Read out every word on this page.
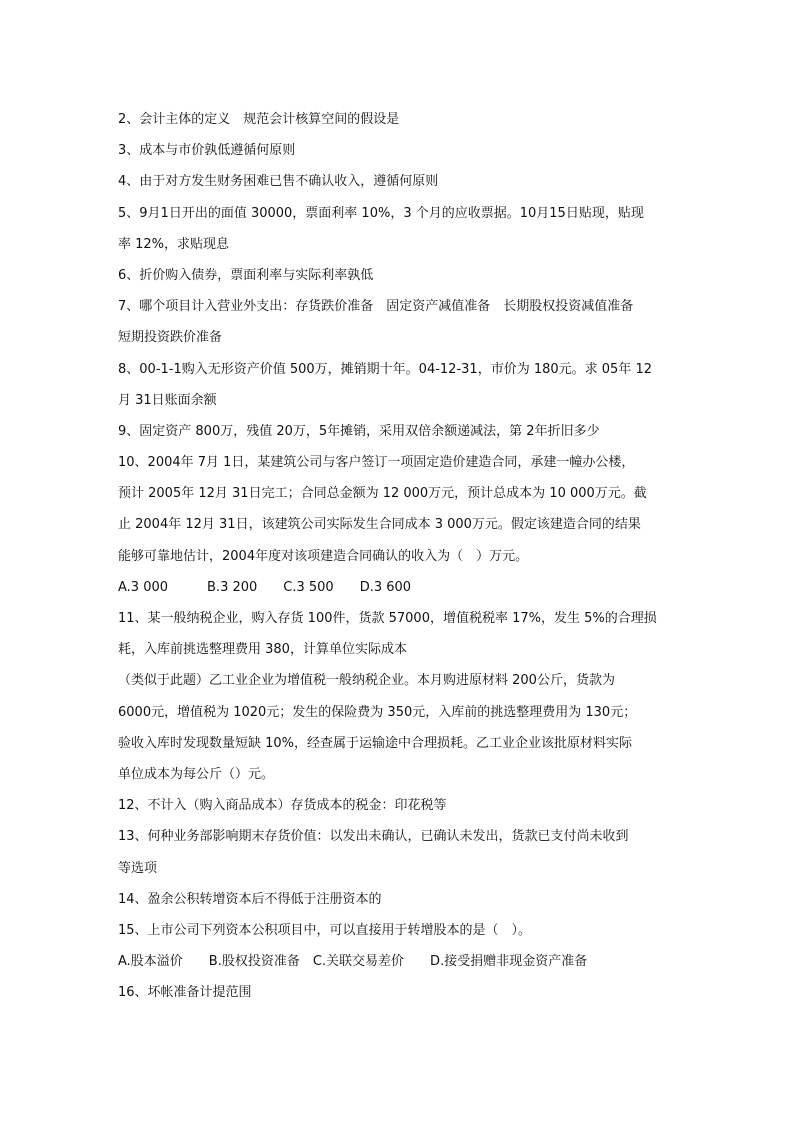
2、会计主体的定义　规范会计核算空间的假设是
3、成本与市价孰低遵循何原则
4、由于对方发生财务困难已售不确认收入，遵循何原则
5、9月1日开出的面值 30000，票面利率 10%，3 个月的应收票据。10月15日贴现，贴现
率 12%，求贴现息
6、折价购入债券，票面利率与实际利率孰低
7、哪个项目计入营业外支出：存货跌价准备　固定资产减值准备　长期股权投资减值准备
短期投资跌价准备
8、00-1-1购入无形资产价值 500万，摊销期十年。04-12-31，市价为 180元。求 05年 12
月 31日账面余额
9、固定资产 800万，残值 20万，5年摊销，采用双倍余额递减法，第 2年折旧多少
10、2004年 7月 1日，某建筑公司与客户签订一项固定造价建造合同，承建一幢办公楼，
预计 2005年 12月 31日完工；合同总金额为 12 000万元，预计总成本为 10 000万元。截
止 2004年 12月 31日，该建筑公司实际发生合同成本 3 000万元。假定该建造合同的结果
能够可靠地估计，2004年度对该项建造合同确认的收入为（　）万元。
A.3 000　　　B.3 200　　C.3 500　　D.3 600
11、某一般纳税企业，购入存货 100件，货款 57000，增值税税率 17%，发生 5%的合理损
耗，入库前挑选整理费用 380，计算单位实际成本
（类似于此题）乙工业企业为增值税一般纳税企业。本月购进原材料 200公斤，货款为
6000元，增值税为 1020元；发生的保险费为 350元，入库前的挑选整理费用为 130元；
验收入库时发现数量短缺 10%，经查属于运输途中合理损耗。乙工业企业该批原材料实际
单位成本为每公斤（）元。
12、不计入（购入商品成本）存货成本的税金：印花税等
13、何种业务部影响期末存货价值：以发出未确认，已确认未发出，货款已支付尚未收到
等选项
14、盈余公积转增资本后不得低于注册资本的
15、上市公司下列资本公积项目中，可以直接用于转增股本的是（　）。
A.股本溢价　　B.股权投资准备　C.关联交易差价　　D.接受捐赠非现金资产准备
16、坏帐准备计提范围
